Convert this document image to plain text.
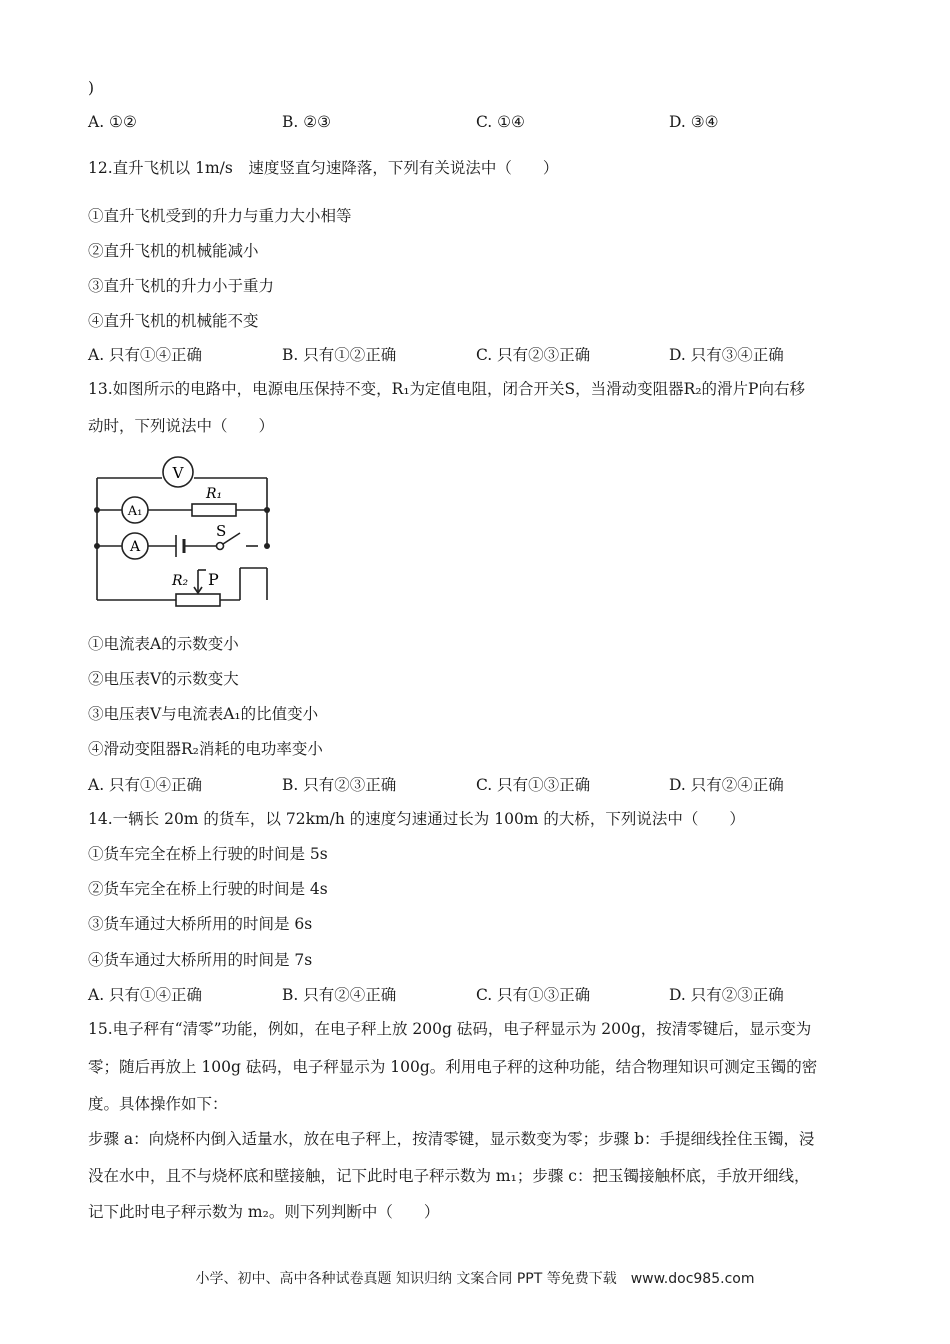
)
A. ①②	B. ②③	C. ①④	D. ③④
12.直升飞机以 1m/s　速度竖直匀速降落，下列有关说法中（　　）
①直升飞机受到的升力与重力大小相等
②直升飞机的机械能减小
③直升飞机的升力小于重力
④直升飞机的机械能不变
A. 只有①④正确	B. 只有①②正确	C. 只有②③正确	D. 只有③④正确
13.如图所示的电路中，电源电压保持不变，R₁为定值电阻，闭合开关S，当滑动变阻器R₂的滑片P向右移
动时，下列说法中（　　）
V
A₁
A
R₁
S
R₂ P
①电流表A的示数变小
②电压表V的示数变大
③电压表V与电流表A₁的比值变小
④滑动变阻器R₂消耗的电功率变小
A. 只有①④正确	B. 只有②③正确	C. 只有①③正确	D. 只有②④正确
14.一辆长 20m 的货车，以 72km/h 的速度匀速通过长为 100m 的大桥，下列说法中（　　）
①货车完全在桥上行驶的时间是 5s
②货车完全在桥上行驶的时间是 4s
③货车通过大桥所用的时间是 6s
④货车通过大桥所用的时间是 7s
A. 只有①④正确	B. 只有②④正确	C. 只有①③正确	D. 只有②③正确
15.电子秤有“清零”功能，例如，在电子秤上放 200g 砝码，电子秤显示为 200g，按清零键后，显示变为
零；随后再放上 100g 砝码，电子秤显示为 100g。利用电子秤的这种功能，结合物理知识可测定玉镯的密
度。具体操作如下：
步骤 a：向烧杯内倒入适量水，放在电子秤上，按清零键，显示数变为零；步骤 b：手提细线拴住玉镯，浸
没在水中，且不与烧杯底和壁接触，记下此时电子秤示数为 m₁；步骤 c：把玉镯接触杯底，手放开细线，
记下此时电子秤示数为 m₂。则下列判断中（　　）
小学、初中、高中各种试卷真题 知识归纳 文案合同 PPT 等免费下载　www.doc985.com
